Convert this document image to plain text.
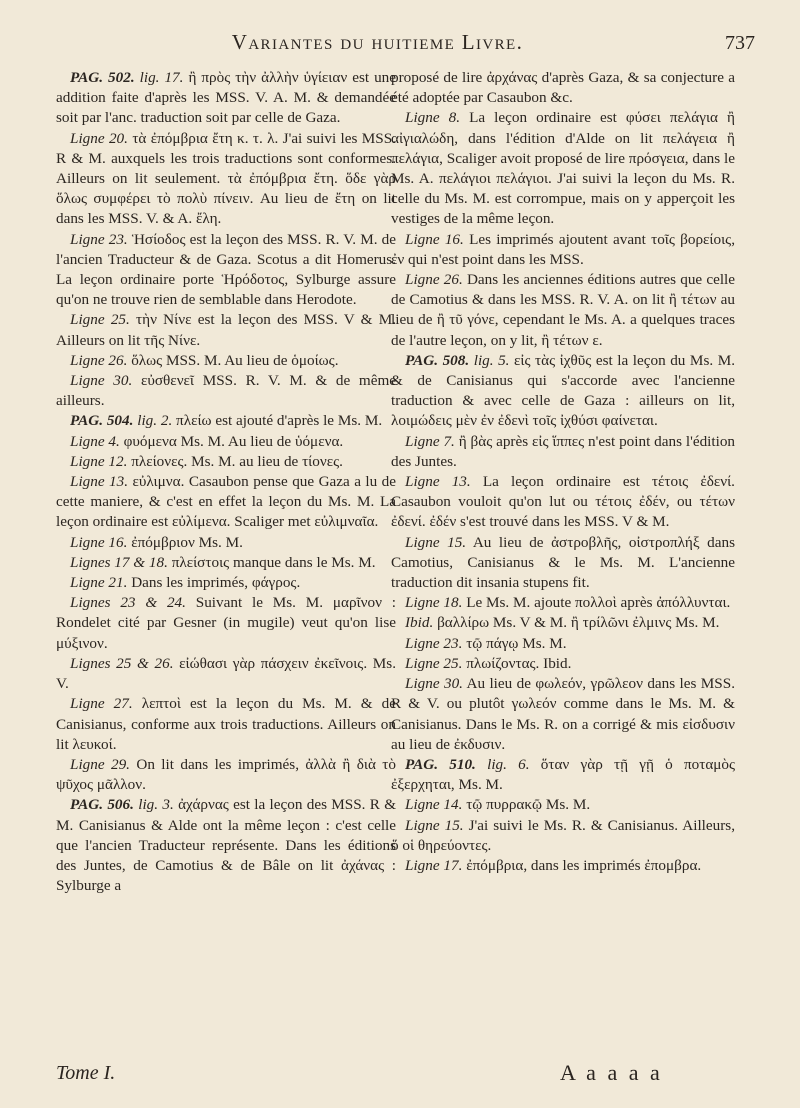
Variantes du huitieme Livre.	737

PAG. 502. lig. 17. ἢ πρὸς τὴν ἀλλὴν ὑγίειαν est une addition faite d'après les MSS. V. A. M. & demandée soit par l'anc. traduction soit par celle de Gaza.

Ligne 20. τὰ ἐπόμβρια ἔτη κ. τ. λ. J'ai suivi les MSS. R & M. auxquels les trois traductions sont conformes. Ailleurs on lit seulement. τὰ ἐπόμβρια ἔτη. ὅδε γὰρ ὅλως συμφέρει τὸ πολὺ πίνειν. Au lieu de ἔτη on lit dans les MSS. V. & A. ἔλη.

Ligne 23. Ἡσίοδος est la leçon des MSS. R. V. M. de l'ancien Traducteur & de Gaza. Scotus a dit Homerus. La leçon ordinaire porte Ἡρόδοτος, Sylburge assure qu'on ne trouve rien de semblable dans Herodote.

Ligne 25. τὴν Νίνε est la leçon des MSS. V & M. Ailleurs on lit τῆς Νίνε.

Ligne 26. ὅλως MSS. M. Au lieu de ὁμοίως.

Ligne 30. εὐσθενεῖ MSS. R. V. M. & de même ailleurs.

PAG. 504. lig. 2. πλείω est ajouté d'après le Ms. M.

Ligne 4. φυόμενα Ms. M. Au lieu de ὑόμενα.

Ligne 12. πλείονες. Ms. M. au lieu de τίονες.

Ligne 13. εὐλιμνα. Casaubon pense que Gaza a lu de cette maniere, & c'est en effet la leçon du Ms. M. La leçon ordinaire est εὐλίμενα. Scaliger met εὐλιμναῖα.

Ligne 16. ἐπόμβριον Ms. M.

Lignes 17 & 18. πλείστοις manque dans le Ms. M.

Ligne 21. Dans les imprimés, φάγρος.

Lignes 23 & 24. Suivant le Ms. M. μαρῖνον : Rondelet cité par Gesner (in mugile) veut qu'on lise μύξινον.

Lignes 25 & 26. εἰώθασι γὰρ πάσχειν ἐκεῖνοις. Ms. V.

Ligne 27. λεπτοὶ est la leçon du Ms. M. & de Canisianus, conforme aux trois traductions. Ailleurs on lit λευκοί.

Ligne 29. On lit dans les imprimés, ἀλλὰ ἢ διὰ τὸ ψῦχος μᾶλλον.

PAG. 506. lig. 3. ἀχάρνας est la leçon des MSS. R & M. Canisianus & Alde ont la même leçon : c'est celle que l'ancien Traducteur représente. Dans les éditions des Juntes, de Camotius & de Bâle on lit ἀχάνας : Sylburge a

proposé de lire ἀρχάνας d'après Gaza, & sa conjecture a été adoptée par Casaubon &c.

Ligne 8. La leçon ordinaire est φύσει πελάγια ἢ αἰγιαλώδη, dans l'édition d'Alde on lit πελάγεια ἢ πελάγια, Scaliger avoit proposé de lire πρόσγεια, dans le Ms. A. πελάγιοι πελάγιοι. J'ai suivi la leçon du Ms. R. celle du Ms. M. est corrompue, mais on y apperçoit les vestiges de la même leçon.

Ligne 16. Les imprimés ajoutent avant τοῖς βορείοις, ἐν qui n'est point dans les MSS.

Ligne 26. Dans les anciennes éditions autres que celle de Camotius & dans les MSS. R. V. A. on lit ἢ τέτων au lieu de ἢ τῦ γόνε, cependant le Ms. A. a quelques traces de l'autre leçon, on y lit, ἢ τέτων ε.

PAG. 508. lig. 5. εἰς τὰς ἰχθῦς est la leçon du Ms. M. & de Canisianus qui s'accorde avec l'ancienne traduction & avec celle de Gaza : ailleurs on lit, λοιμώδεις μὲν ἐν ἐδενὶ τοῖς ἰχθύσι φαίνεται.

Ligne 7. ἢ βὰς après εἰς ἵππες n'est point dans l'édition des Juntes.

Ligne 13. La leçon ordinaire est τέτοις ἐδενί. Casaubon vouloit qu'on lut ou τέτοις ἐδέν, ou τέτων ἐδενί. ἐδέν s'est trouvé dans les MSS. V & M.

Ligne 15. Au lieu de ἀστροβλῆς, οἰστροπλήξ dans Camotius, Canisianus & le Ms. M. L'ancienne traduction dit insania stupens fit.

Ligne 18. Le Ms. M. ajoute πολλοὶ après ἀπόλλυνται.

Ibid. βαλλίρω Ms. V & M. ἢ τρίλῶνι ἐλμινς Ms. M.

Ligne 23. τῷ πάγῳ Ms. M.

Ligne 25. πλωίζοντας. Ibid.

Ligne 30. Au lieu de φωλεόν, γρῶλεον dans les MSS. R & V. ou plutôt γωλεόν comme dans le Ms. M. & Canisianus. Dans le Ms. R. on a corrigé & mis εἰσδυσιν au lieu de ἐκδυσιν.

PAG. 510. lig. 6. ὅταν γὰρ τῇ γῇ ὁ ποταμὸς ἐξερχηται, Ms. M.

Ligne 14. τῷ πυρρακῷ Ms. M.

Ligne 15. J'ai suivi le Ms. R. & Canisianus. Ailleurs, ὅ οἱ θηρεύοντες.

Ligne 17. ἐπόμβρια, dans les imprimés ἐπομβρα.

Tome I.	A a a a a
